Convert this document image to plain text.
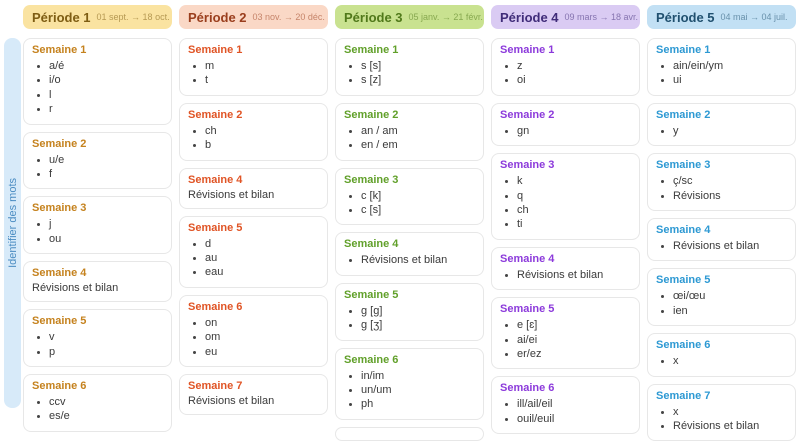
Identifier des mots
Période 1 01 sept. → 18 oct.
Semaine 1
• a/é
• i/o
• l
• r
Semaine 2
• u/e
• f
Semaine 3
• j
• ou
Semaine 4
Révisions et bilan
Semaine 5
• v
• p
Semaine 6
• ccv
• es/e
Période 2 03 nov. → 20 déc.
Semaine 1
• m
• t
Semaine 2
• ch
• b
Semaine 4
Révisions et bilan
Semaine 5
• d
• au
• eau
Semaine 6
• on
• om
• eu
Semaine 7
Révisions et bilan
Période 3 05 janv. → 21 févr.
Semaine 1
• s [s]
• s [z]
Semaine 2
• an / am
• en / em
Semaine 3
• c [k]
• c [s]
Semaine 4
• Révisions et bilan
Semaine 5
• g [g]
• g [ʒ]
Semaine 6
• in/im
• un/um
• ph
Période 4 09 mars → 18 avr.
Semaine 1
• z
• oi
Semaine 2
• gn
Semaine 3
• k
• q
• ch
• ti
Semaine 4
• Révisions et bilan
Semaine 5
• e [ɛ]
• ai/ei
• er/ez
Semaine 6
• ill/ail/eil
• ouil/euil
Période 5 04 mai → 04 juil.
Semaine 1
• ain/ein/ym
• ui
Semaine 2
• y
Semaine 3
• ç/sc
• Révisions
Semaine 4
• Révisions et bilan
Semaine 5
• œi/œu
• ien
Semaine 6
• x
Semaine 7
• x
• Révisions et bilan
